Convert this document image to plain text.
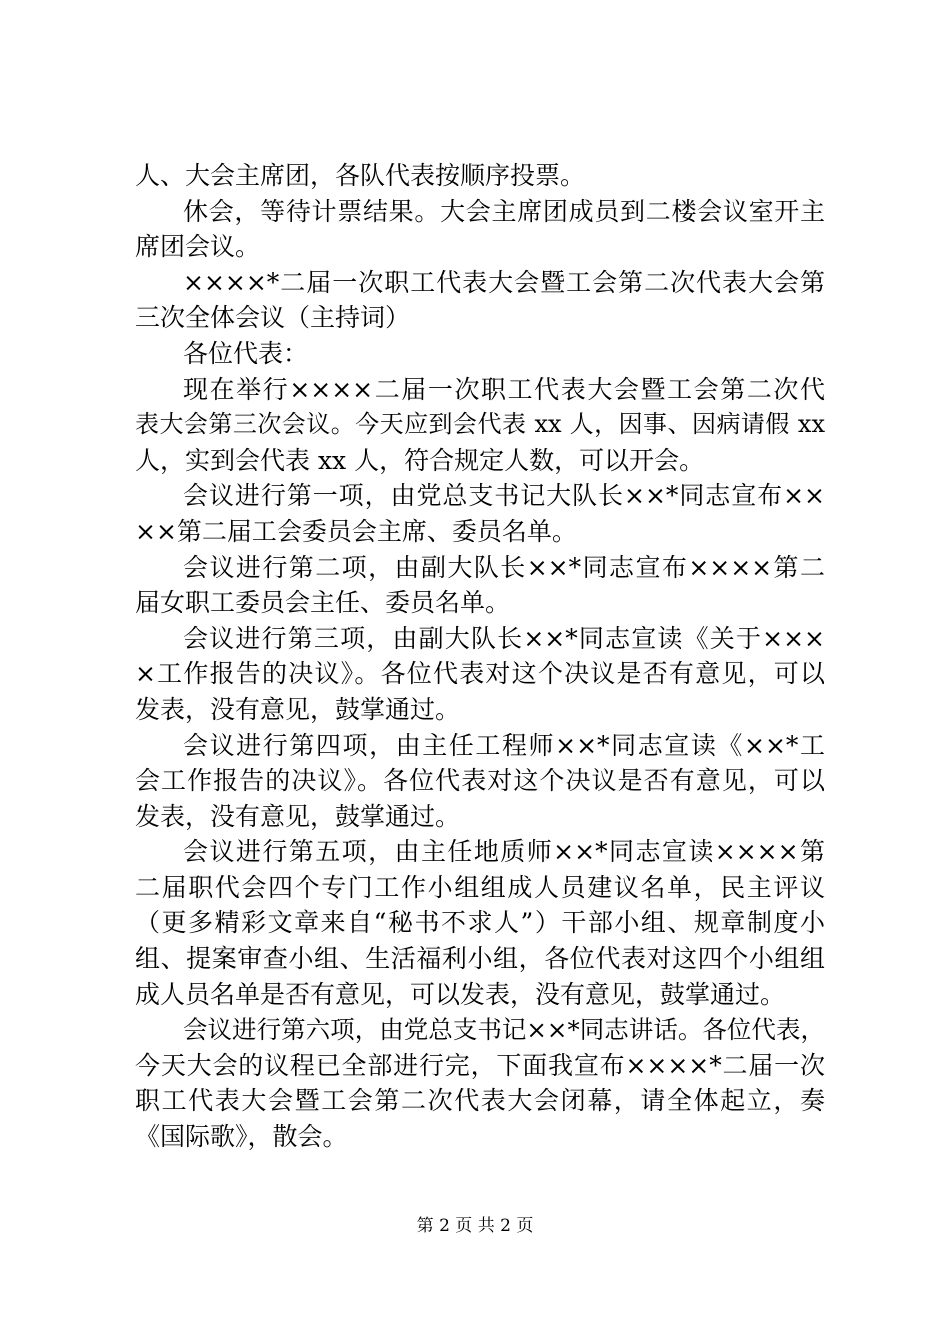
人、大会主席团，各队代表按顺序投票。
休会，等待计票结果。大会主席团成员到二楼会议室开主
席团会议。
××××*二届一次职工代表大会暨工会第二次代表大会第
三次全体会议（主持词）
各位代表：
现在举行××××二届一次职工代表大会暨工会第二次代
表大会第三次会议。今天应到会代表 xx 人，因事、因病请假 xx
人，实到会代表 xx 人，符合规定人数，可以开会。
会议进行第一项，由党总支书记大队长××*同志宣布××
××第二届工会委员会主席、委员名单。
会议进行第二项，由副大队长××*同志宣布××××第二
届女职工委员会主任、委员名单。
会议进行第三项，由副大队长××*同志宣读《关于×××
×工作报告的决议》。各位代表对这个决议是否有意见，可以
发表，没有意见，鼓掌通过。
会议进行第四项，由主任工程师××*同志宣读《××*工
会工作报告的决议》。各位代表对这个决议是否有意见，可以
发表，没有意见，鼓掌通过。
会议进行第五项，由主任地质师××*同志宣读××××第
二届职代会四个专门工作小组组成人员建议名单，民主评议
（更多精彩文章来自“秘书不求人”）干部小组、规章制度小
组、提案审查小组、生活福利小组，各位代表对这四个小组组
成人员名单是否有意见，可以发表，没有意见，鼓掌通过。
会议进行第六项，由党总支书记××*同志讲话。各位代表，
今天大会的议程已全部进行完，下面我宣布××××*二届一次
职工代表大会暨工会第二次代表大会闭幕，请全体起立，奏
《国际歌》，散会。
第 2 页 共 2 页
